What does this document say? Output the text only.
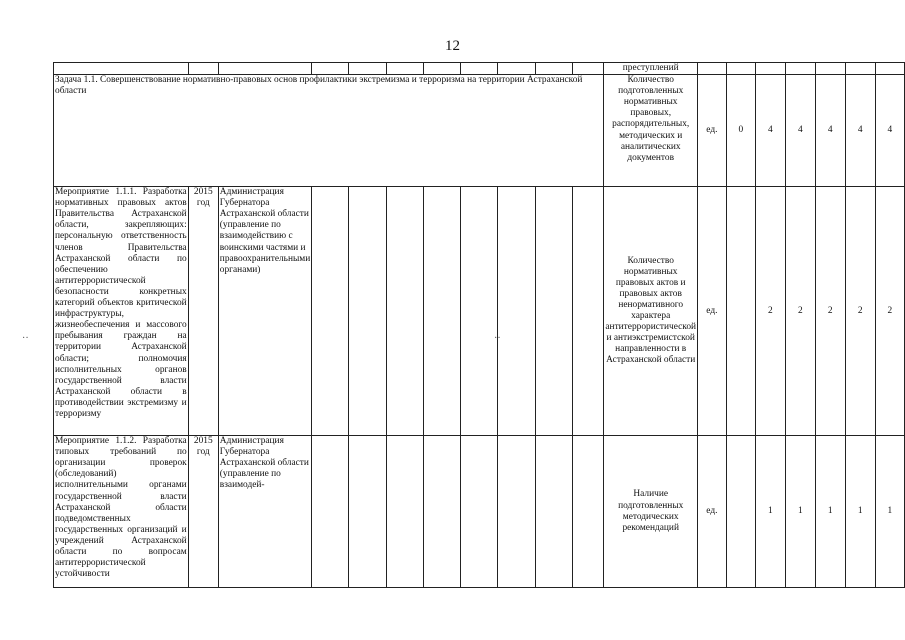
12
											преступлений							
Задача 1.1. Совершенствование нормативно-правовых основ профилактики экстремизма и терроризма на территории Астраханской области											Количество подготовленных нормативных правовых, распорядительных, методических и аналитических документов	ед.	0	4	4	4	4	4
Мероприятие 1.1.1. Разработка нормативных правовых актов Правительства Астраханской области, закрепляющих: персональную ответственность членов Правительства Астраханской области по обеспечению антитеррористической безопасности конкретных категорий объектов критической инфраструктуры, жизнеобеспечения и массового пребывания граждан на территории Астраханской области; полномочия исполнительных органов государственной власти Астраханской области в противодействии экстремизму и терроризму	2015 год	Администрация Губернатора Астраханской области (управление по взаимодействию с воинскими частями и правоохранительными органами)									Количество нормативных правовых актов и правовых актов ненормативного характера антитеррористической и антиэкстремистской направленности в Астраханской области	ед.		2	2	2	2	2
Мероприятие 1.1.2. Разработка типовых требований по организации проверок (обследований) исполнительными органами государственной власти Астраханской области подведомственных государственных организаций и учреждений Астраханской области по вопросам антитеррористической устойчивости	2015 год	Администрация Губернатора Астраханской области (управление по взаимодей-									Наличие подготовленных методических рекомендаций	ед.		1	1	1	1	1
··	··
